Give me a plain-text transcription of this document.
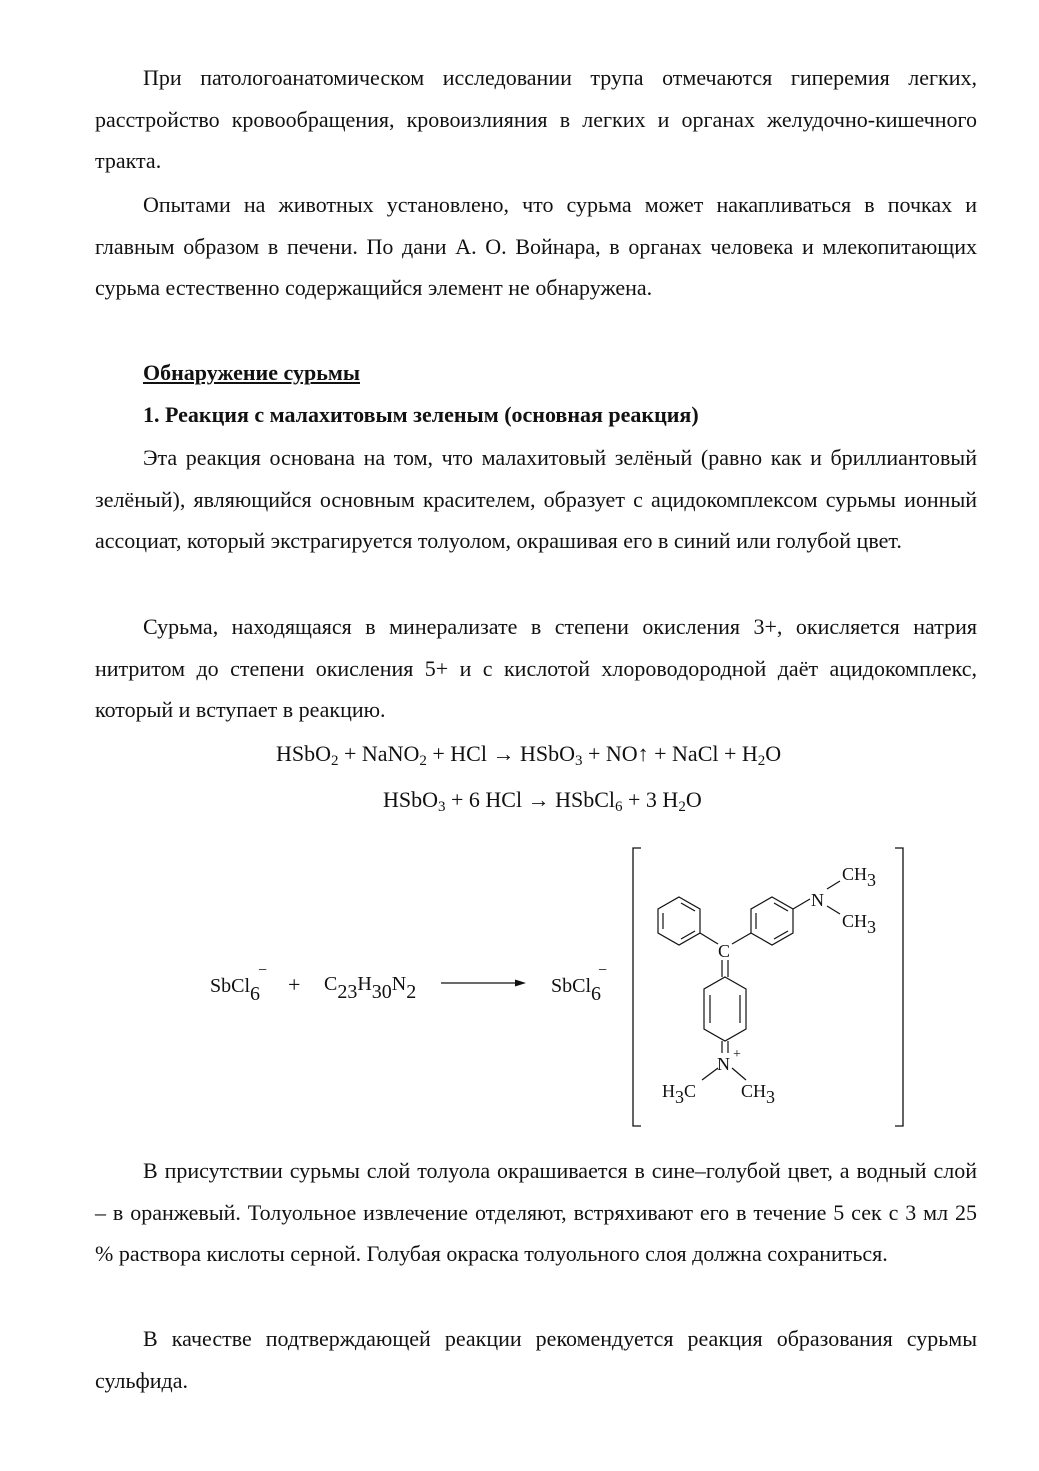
При патологоанатомическом исследовании трупа отмечаются гиперемия легких, расстройство кровообращения, кровоизлияния в легких и органах желудочно-кишечного тракта.

Опытами на животных установлено, что сурьма может накапливаться в почках и главным образом в печени. По дани А. О. Войнара, в органах человека и млекопитающих сурьма естественно содержащийся элемент не обнаружена.

Обнаружение сурьмы

1. Реакция с малахитовым зеленым (основная реакция)

Эта реакция основана на том, что малахитовый зелёный (равно как и бриллиантовый зелёный), являющийся основным красителем, образует с ацидокомплексом сурьмы ионный ассоциат, который экстрагируется толуолом, окрашивая его в синий или голубой цвет.

Сурьма, находящаяся в минерализате в степени окисления 3+, окисляется натрия нитритом до степени окисления 5+ и с кислотой хлороводородной даёт ацидокомплекс, который и вступает в реакцию.

HSbO$_2$ + NaNO$_2$ + HCl → HSbO$_3$ + NO↑ + NaCl + $H_2O$

HSbO$_3$ + 6 HCl → HSbCl$_6$ + 3 $H_2O$

SbCl6
−
+ C23H30N2	SbCl6
−
C
N
CH3
CH3
N +
H3C CH3

В присутствии сурьмы слой толуола окрашивается в сине–голубой цвет, а водный слой – в оранжевый. Толуольное извлечение отделяют, встряхивают его в течение 5 сек с 3 мл 25 % раствора кислоты серной. Голубая окраска толуольного слоя должна сохраниться.

В качестве подтверждающей реакции рекомендуется реакция образования сурьмы сульфида.
